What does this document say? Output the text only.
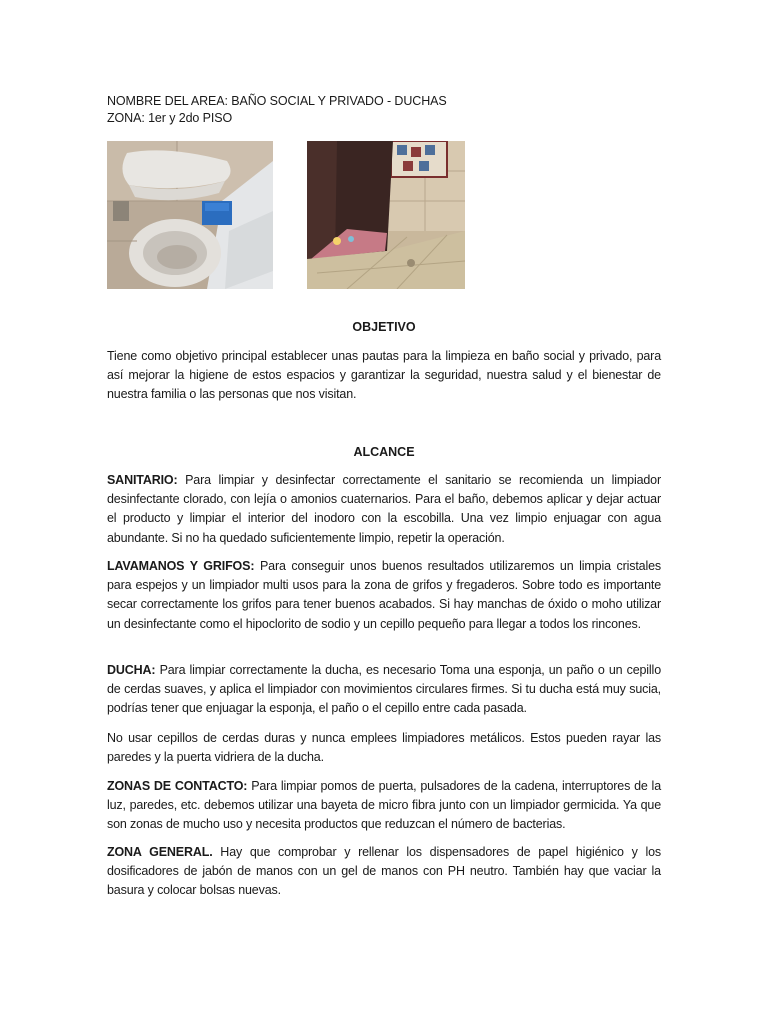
NOMBRE DEL AREA: BAÑO SOCIAL Y PRIVADO - DUCHAS
ZONA: 1er y 2do PISO
OBJETIVO
Tiene como objetivo principal establecer unas pautas para la limpieza en baño social y privado, para así mejorar la higiene de estos espacios y garantizar la seguridad, nuestra salud y el bienestar de nuestra familia o las personas que nos visitan.
ALCANCE
SANITARIO: Para limpiar y desinfectar correctamente el sanitario se recomienda un limpiador desinfectante clorado, con lejía o amonios cuaternarios. Para el baño, debemos aplicar y dejar actuar el producto y limpiar el interior del inodoro con la escobilla. Una vez limpio enjuagar con agua abundante. Si no ha quedado suficientemente limpio, repetir la operación.
LAVAMANOS Y GRIFOS: Para conseguir unos buenos resultados utilizaremos un limpia cristales para espejos y un limpiador multi usos para la zona de grifos y fregaderos. Sobre todo es importante secar correctamente los grifos para tener buenos acabados. Si hay manchas de óxido o moho utilizar un desinfectante como el hipoclorito de sodio y un cepillo pequeño para llegar a todos los rincones.
DUCHA: Para limpiar correctamente la ducha, es necesario Toma una esponja, un paño o un cepillo de cerdas suaves, y aplica el limpiador con movimientos circulares firmes. Si tu ducha está muy sucia, podrías tener que enjuagar la esponja, el paño o el cepillo entre cada pasada.
No usar cepillos de cerdas duras y nunca emplees limpiadores metálicos. Estos pueden rayar las paredes y la puerta vidriera de la ducha.
ZONAS DE CONTACTO: Para limpiar pomos de puerta, pulsadores de la cadena, interruptores de la luz, paredes, etc. debemos utilizar una bayeta de micro fibra junto con un limpiador germicida. Ya que son zonas de mucho uso y necesita productos que reduzcan el número de bacterias.
ZONA GENERAL. Hay que comprobar y rellenar los dispensadores de papel higiénico y los dosificadores de jabón de manos con un gel de manos con PH neutro. También hay que vaciar la basura y colocar bolsas nuevas.
